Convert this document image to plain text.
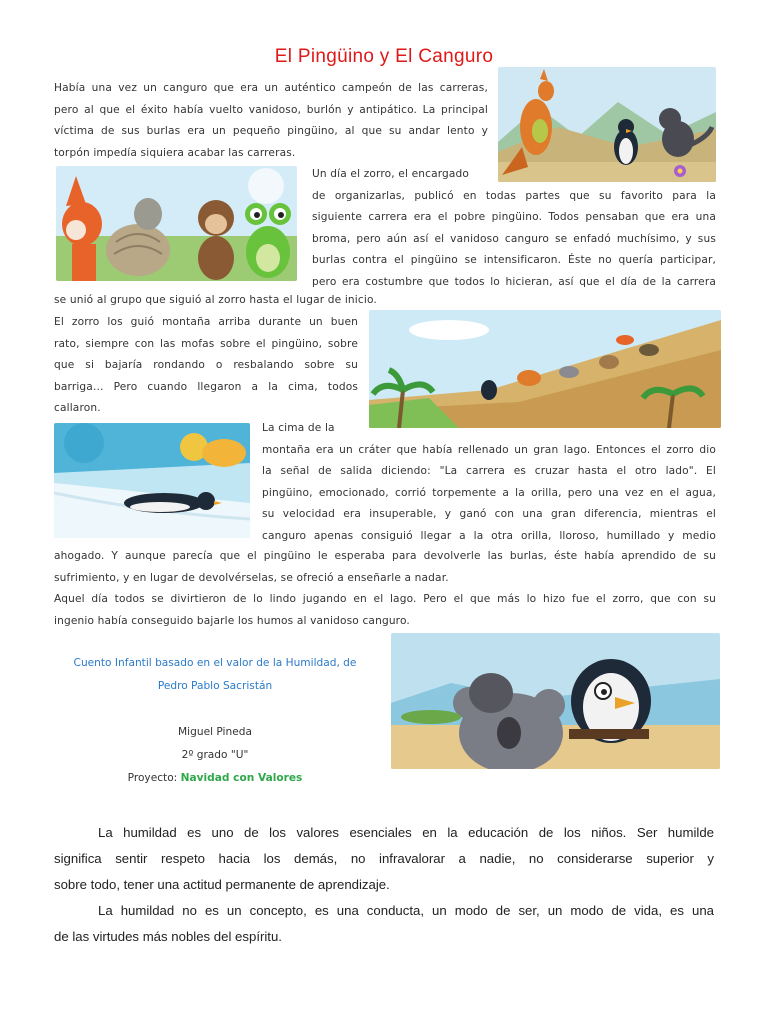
El Pingüino y El Canguro
Había una vez un canguro que era un auténtico campeón de las carreras,
pero al que el éxito había vuelto vanidoso, burlón y antipático. La principal
víctima de sus burlas era un pequeño pingüino, al que su andar lento y
torpón impedía siquiera acabar las carreras.
Un día el zorro, el encargado
de organizarlas, publicó en todas partes que su favorito para la
siguiente carrera era el pobre pingüino. Todos pensaban que era una
broma, pero aún así el vanidoso canguro se enfadó muchísimo, y sus
burlas contra el pingüino se intensificaron. Éste no quería participar,
pero era costumbre que todos lo hicieran, así que el día de la carrera
se unió al grupo que siguió al zorro hasta el lugar de inicio.
El zorro los guió montaña arriba durante un buen
rato, siempre con las mofas sobre el pingüino, sobre
que si bajaría rondando o resbalando sobre su
barriga... Pero cuando llegaron a la cima, todos
callaron.
La cima de la
montaña era un cráter que había rellenado un gran lago. Entonces el zorro dio
la señal de salida diciendo: "La carrera es cruzar hasta el otro lado". El
pingüino, emocionado, corrió torpemente a la orilla, pero una vez en el agua,
su velocidad era insuperable, y ganó con una gran diferencia, mientras el
canguro apenas consiguió llegar a la otra orilla, lloroso, humillado y medio
ahogado. Y aunque parecía que el pingüino le esperaba para devolverle las burlas, éste había aprendido de su
sufrimiento, y en lugar de devolvérselas, se ofreció a enseñarle a nadar.
Aquel día todos se divirtieron de lo lindo jugando en el lago. Pero el que más lo hizo fue el zorro, que con su
ingenio había conseguido bajarle los humos al vanidoso canguro.
Cuento Infantil basado en el valor de la Humildad, de
Pedro Pablo Sacristán
Miguel Pineda
2º grado "U"
Proyecto: Navidad con Valores
La humildad es uno de los valores esenciales en la educación de los niños. Ser humilde
significa sentir respeto hacia los demás, no infravalorar a nadie, no considerarse superior y
sobre todo, tener una actitud permanente de aprendizaje.
La humildad no es un concepto, es una conducta, un modo de ser, un modo de vida, es una
de las virtudes más nobles del espíritu.
